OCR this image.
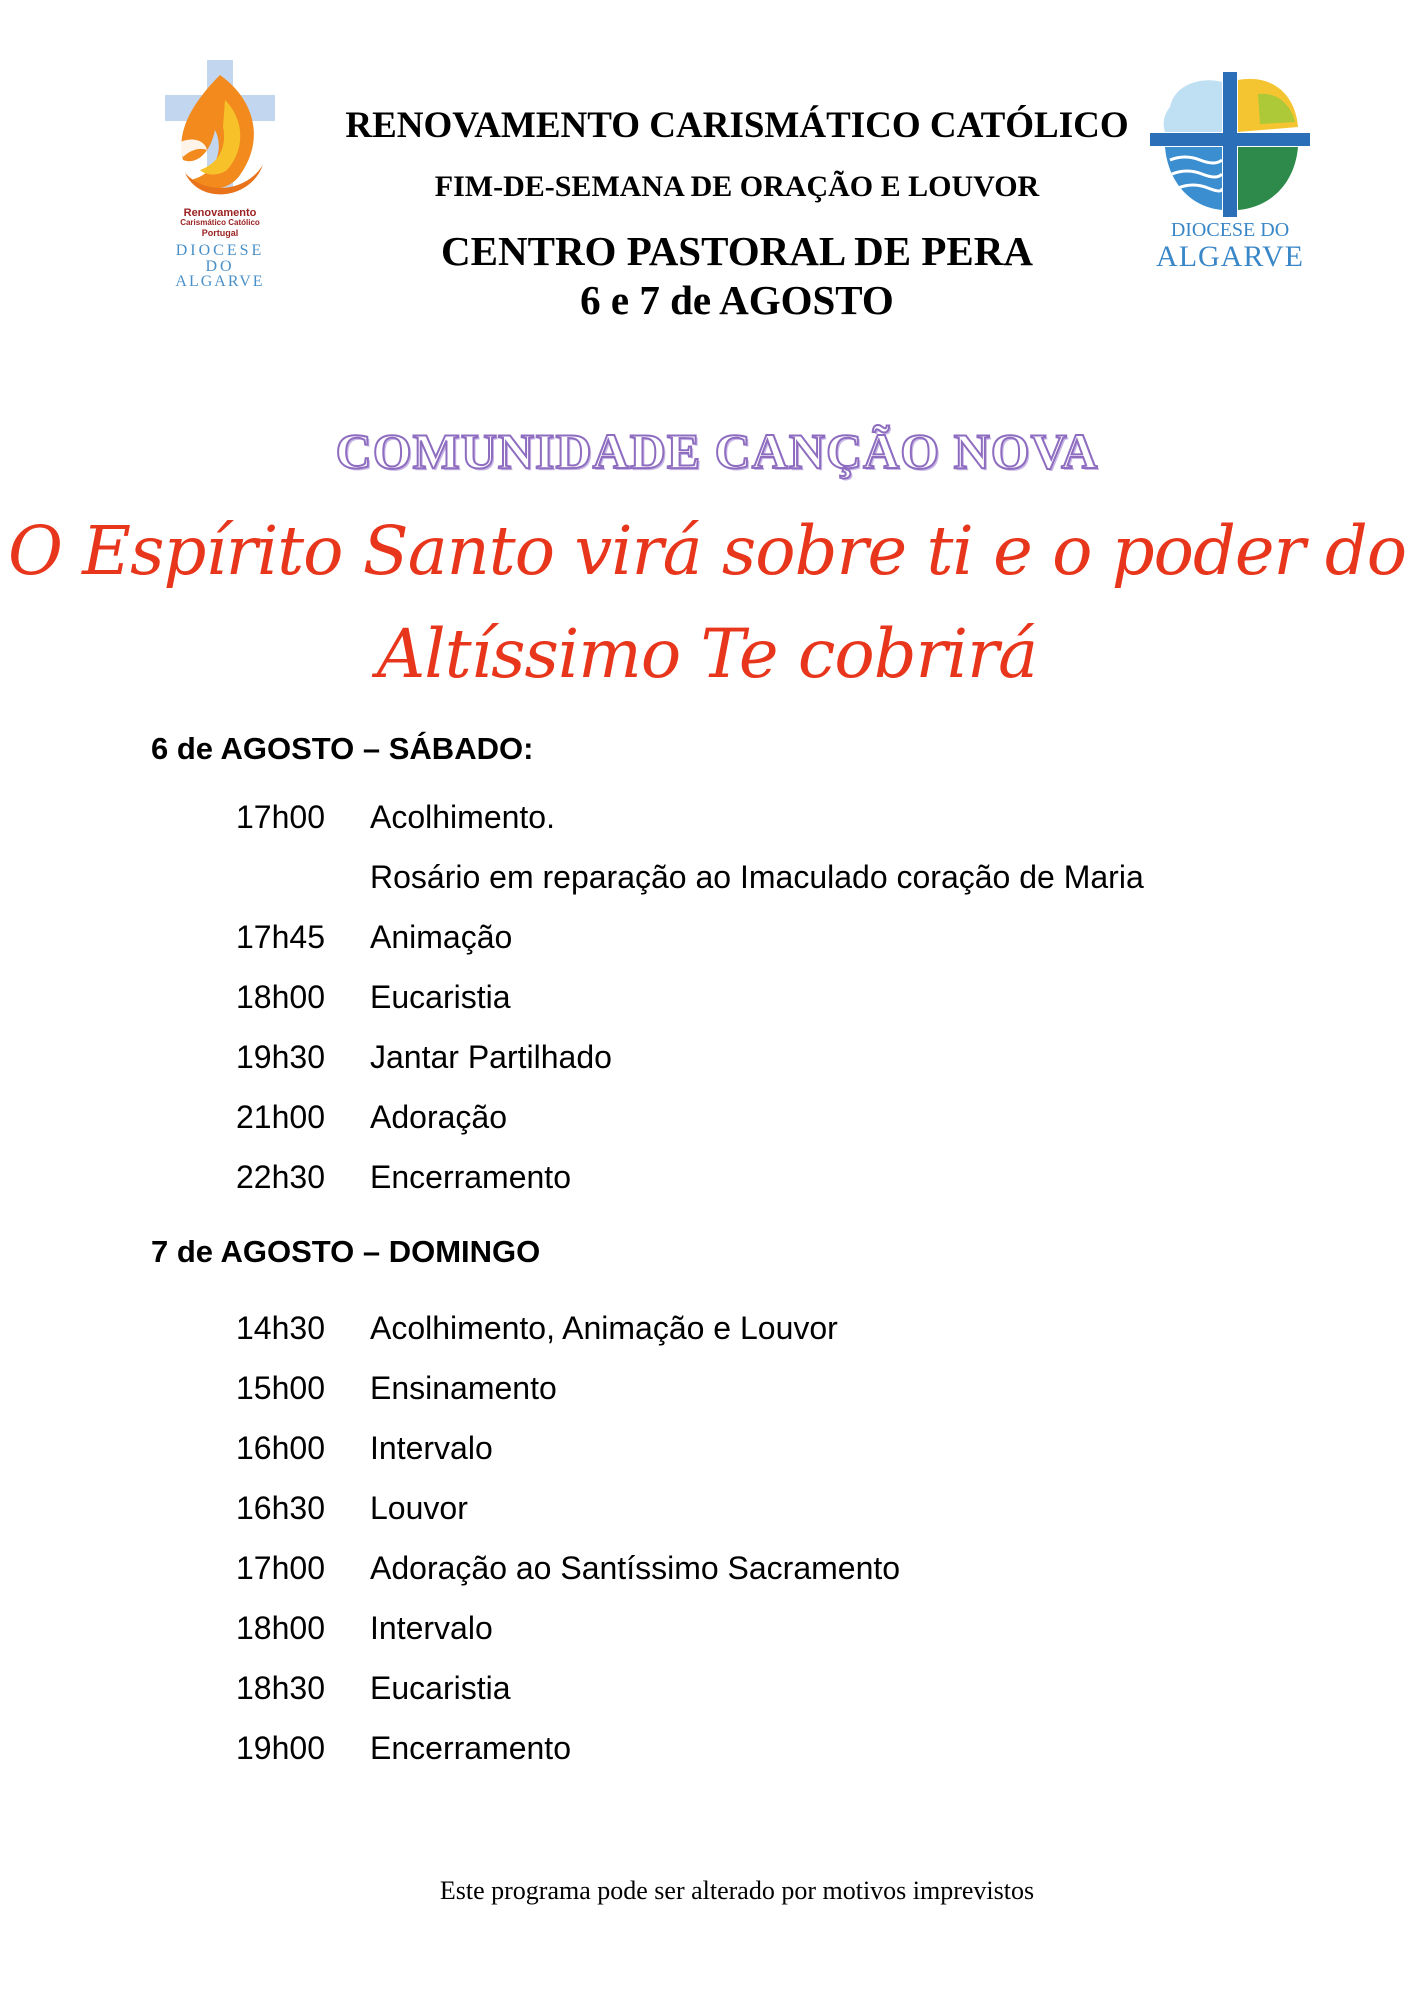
Renovamento
Carismático Católico
Portugal
DIOCESE
DO
ALGARVE
RENOVAMENTO CARISMÁTICO CATÓLICO
FIM-DE-SEMANA DE ORAÇÃO E LOUVOR
CENTRO PASTORAL DE PERA
6 e 7 de AGOSTO
DIOCESE DO
ALGARVE
COMUNIDADE CANÇÃO NOVA
O Espírito Santo virá sobre ti e o poder do
Altíssimo Te cobrirá
6 de AGOSTO – SÁBADO:
17h00 Acolhimento.
Rosário em reparação ao Imaculado coração de Maria
17h45 Animação
18h00 Eucaristia
19h30 Jantar Partilhado
21h00 Adoração
22h30 Encerramento
7 de AGOSTO – DOMINGO
14h30 Acolhimento, Animação e Louvor
15h00 Ensinamento
16h00 Intervalo
16h30 Louvor
17h00 Adoração ao Santíssimo Sacramento
18h00 Intervalo
18h30 Eucaristia
19h00 Encerramento
Este programa pode ser alterado por motivos imprevistos
